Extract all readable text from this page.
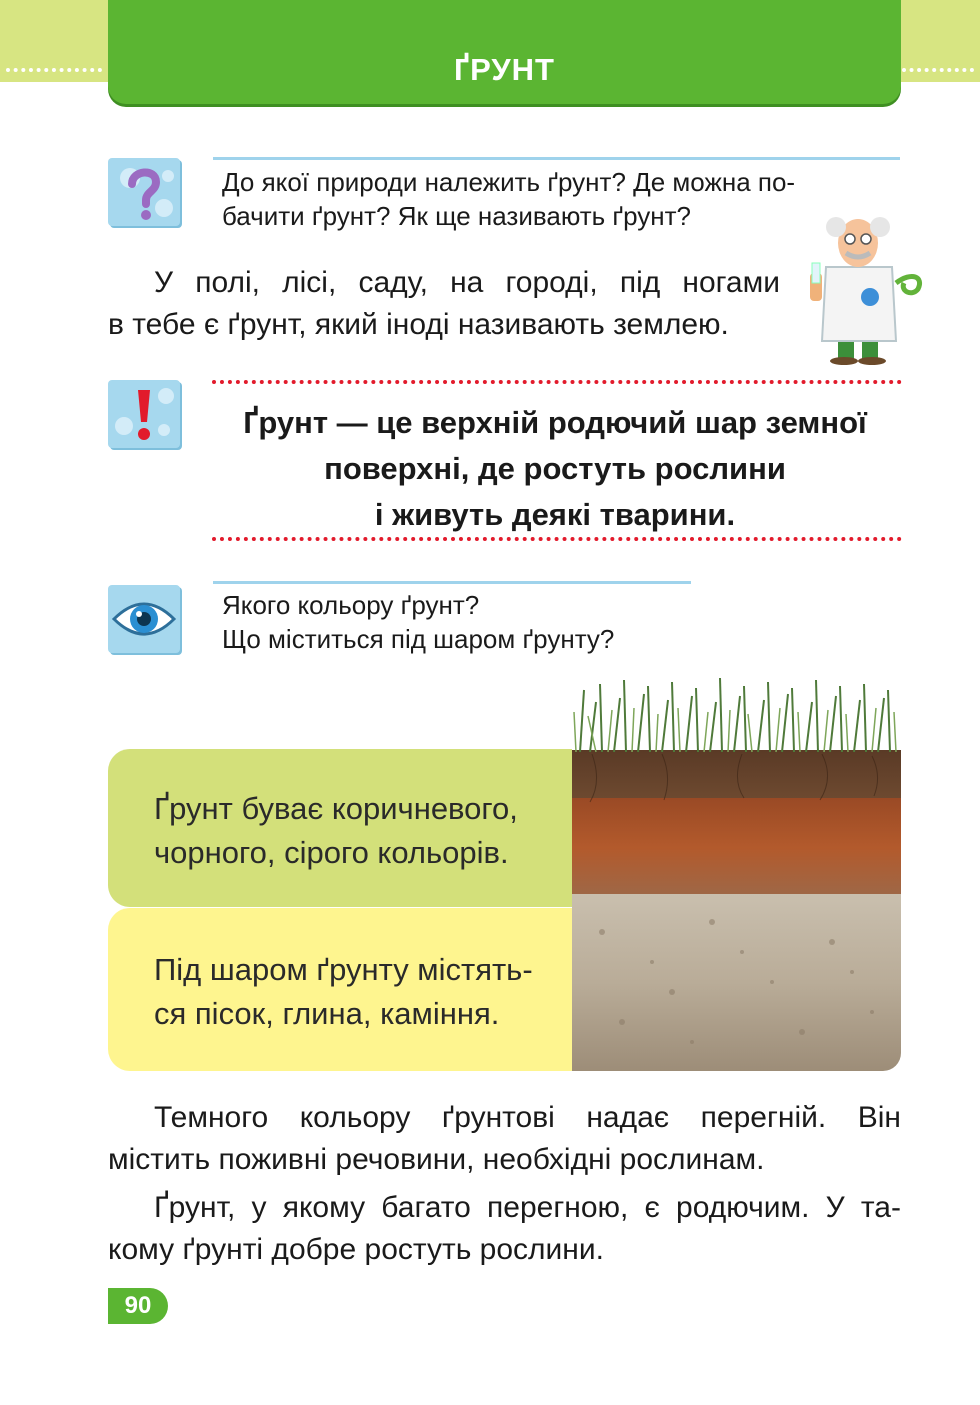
ҐРУНТ
До якої природи належить ґрунт? Де можна по-
бачити ґрунт? Як ще називають ґрунт?
У полі, лісі, саду, на городі, під ногами
в тебе є ґрунт, який іноді називають землею.
Ґрунт — це верхній родючий шар земної
поверхні, де ростуть рослини
і живуть деякі тварини.
Якого кольору ґрунт?
Що міститься під шаром ґрунту?
Ґрунт буває коричневого,
чорного, сірого кольорів.
Під шаром ґрунту містять-
ся пісок, глина, каміння.
Темного кольору ґрунтові надає перегній. Він
містить поживні речовини, необхідні рослинам.
Ґрунт, у якому багато перегною, є родючим. У та-
кому ґрунті добре ростуть рослини.
90
